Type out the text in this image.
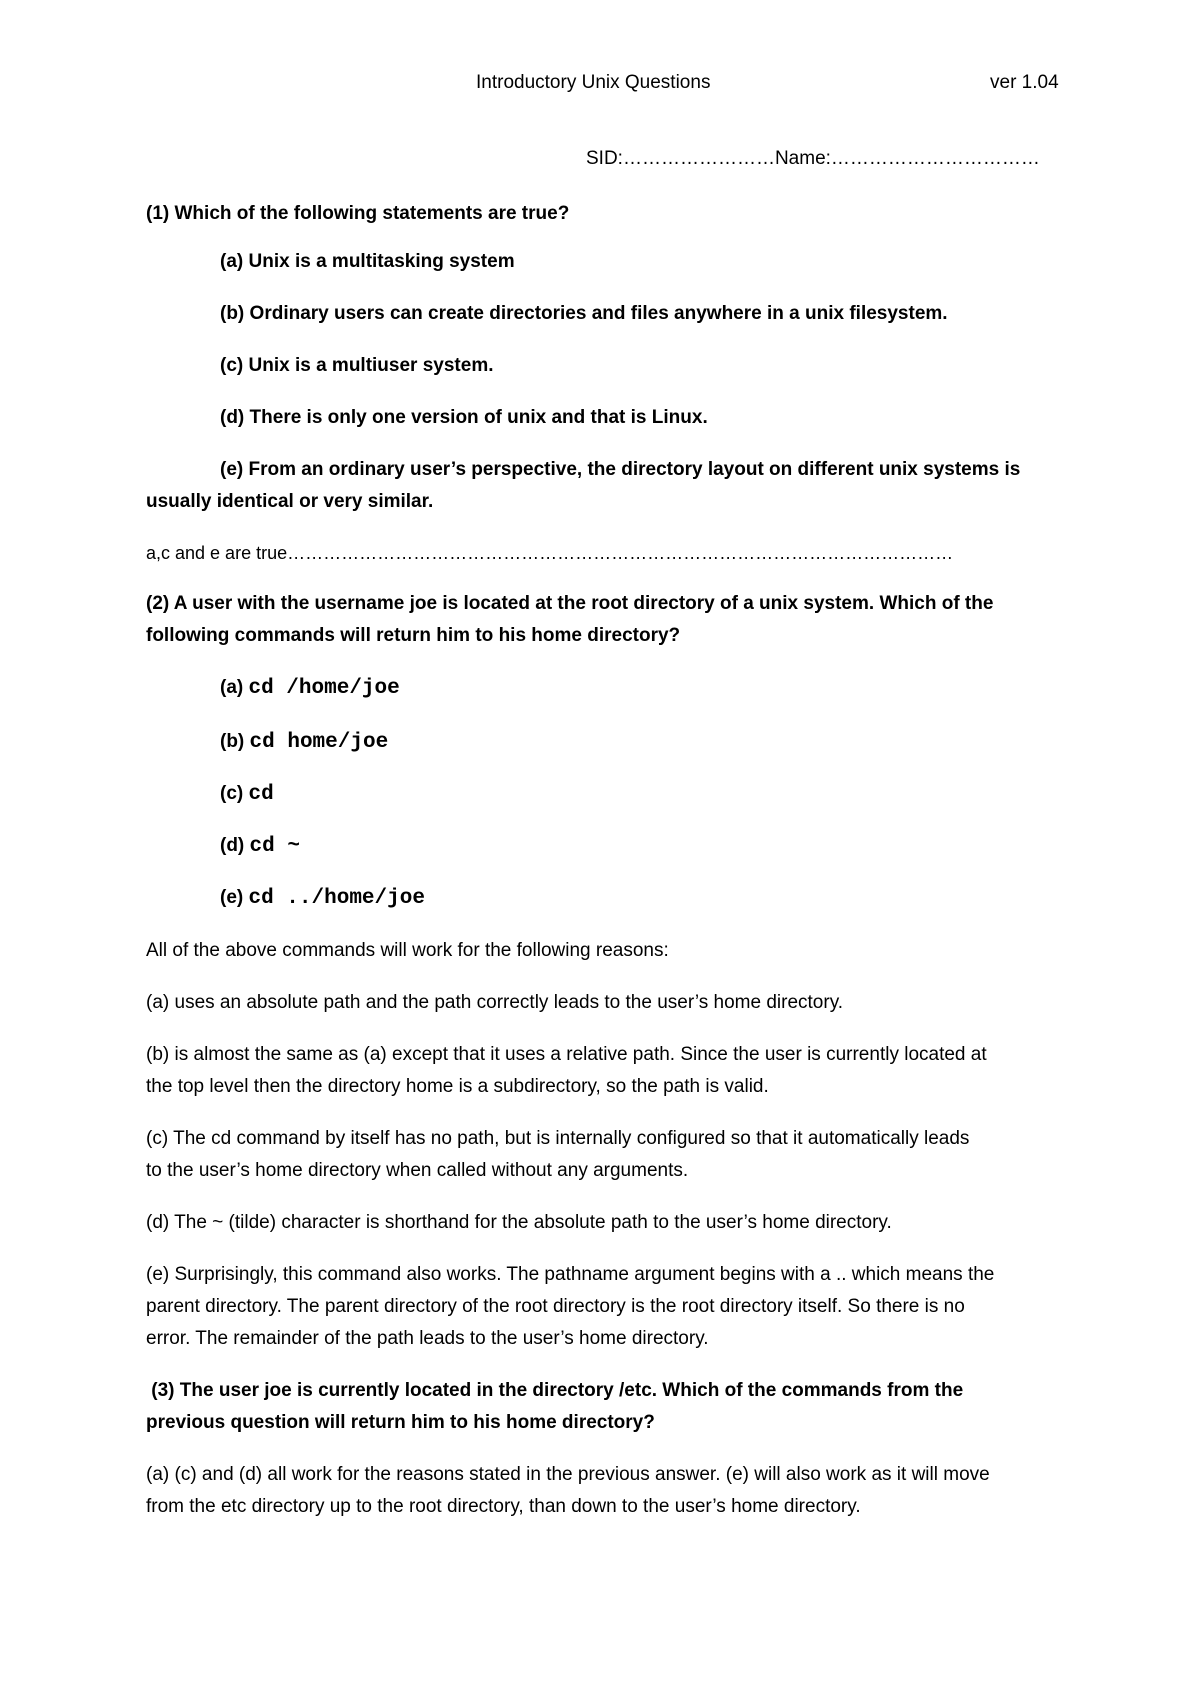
Introductory Unix Questions	ver 1.04
SID:……………………Name:……………………………
(1) Which of the following statements are true?
(a) Unix is a multitasking system
(b) Ordinary users can create directories and files anywhere in a unix filesystem.
(c) Unix is a multiuser system.
(d) There is only one version of unix and that is Linux.
(e) From an ordinary user’s perspective, the directory layout on different unix systems is
usually identical or very similar.
a,c and e are true…………………………………………………………………………………………………
(2) A user with the username joe is located at the root directory of a unix system. Which of the
following commands will return him to his home directory?
(a) cd /home/joe
(b) cd home/joe
(c) cd
(d) cd ~
(e) cd ../home/joe
All of the above commands will work for the following reasons:
(a) uses an absolute path and the path correctly leads to the user’s home directory.
(b) is almost the same as (a) except that it uses a relative path. Since the user is currently located at
the top level then the directory home is a subdirectory, so the path is valid.
(c) The cd command by itself has no path, but is internally configured so that it automatically leads
to the user’s home directory when called without any arguments.
(d) The ~ (tilde) character is shorthand for the absolute path to the user’s home directory.
(e) Surprisingly, this command also works. The pathname argument begins with a .. which means the
parent directory. The parent directory of the root directory is the root directory itself. So there is no
error. The remainder of the path leads to the user’s home directory.
(3) The user joe is currently located in the directory /etc. Which of the commands from the
previous question will return him to his home directory?
(a) (c) and (d) all work for the reasons stated in the previous answer. (e) will also work as it will move
from the etc directory up to the root directory, than down to the user’s home directory.
